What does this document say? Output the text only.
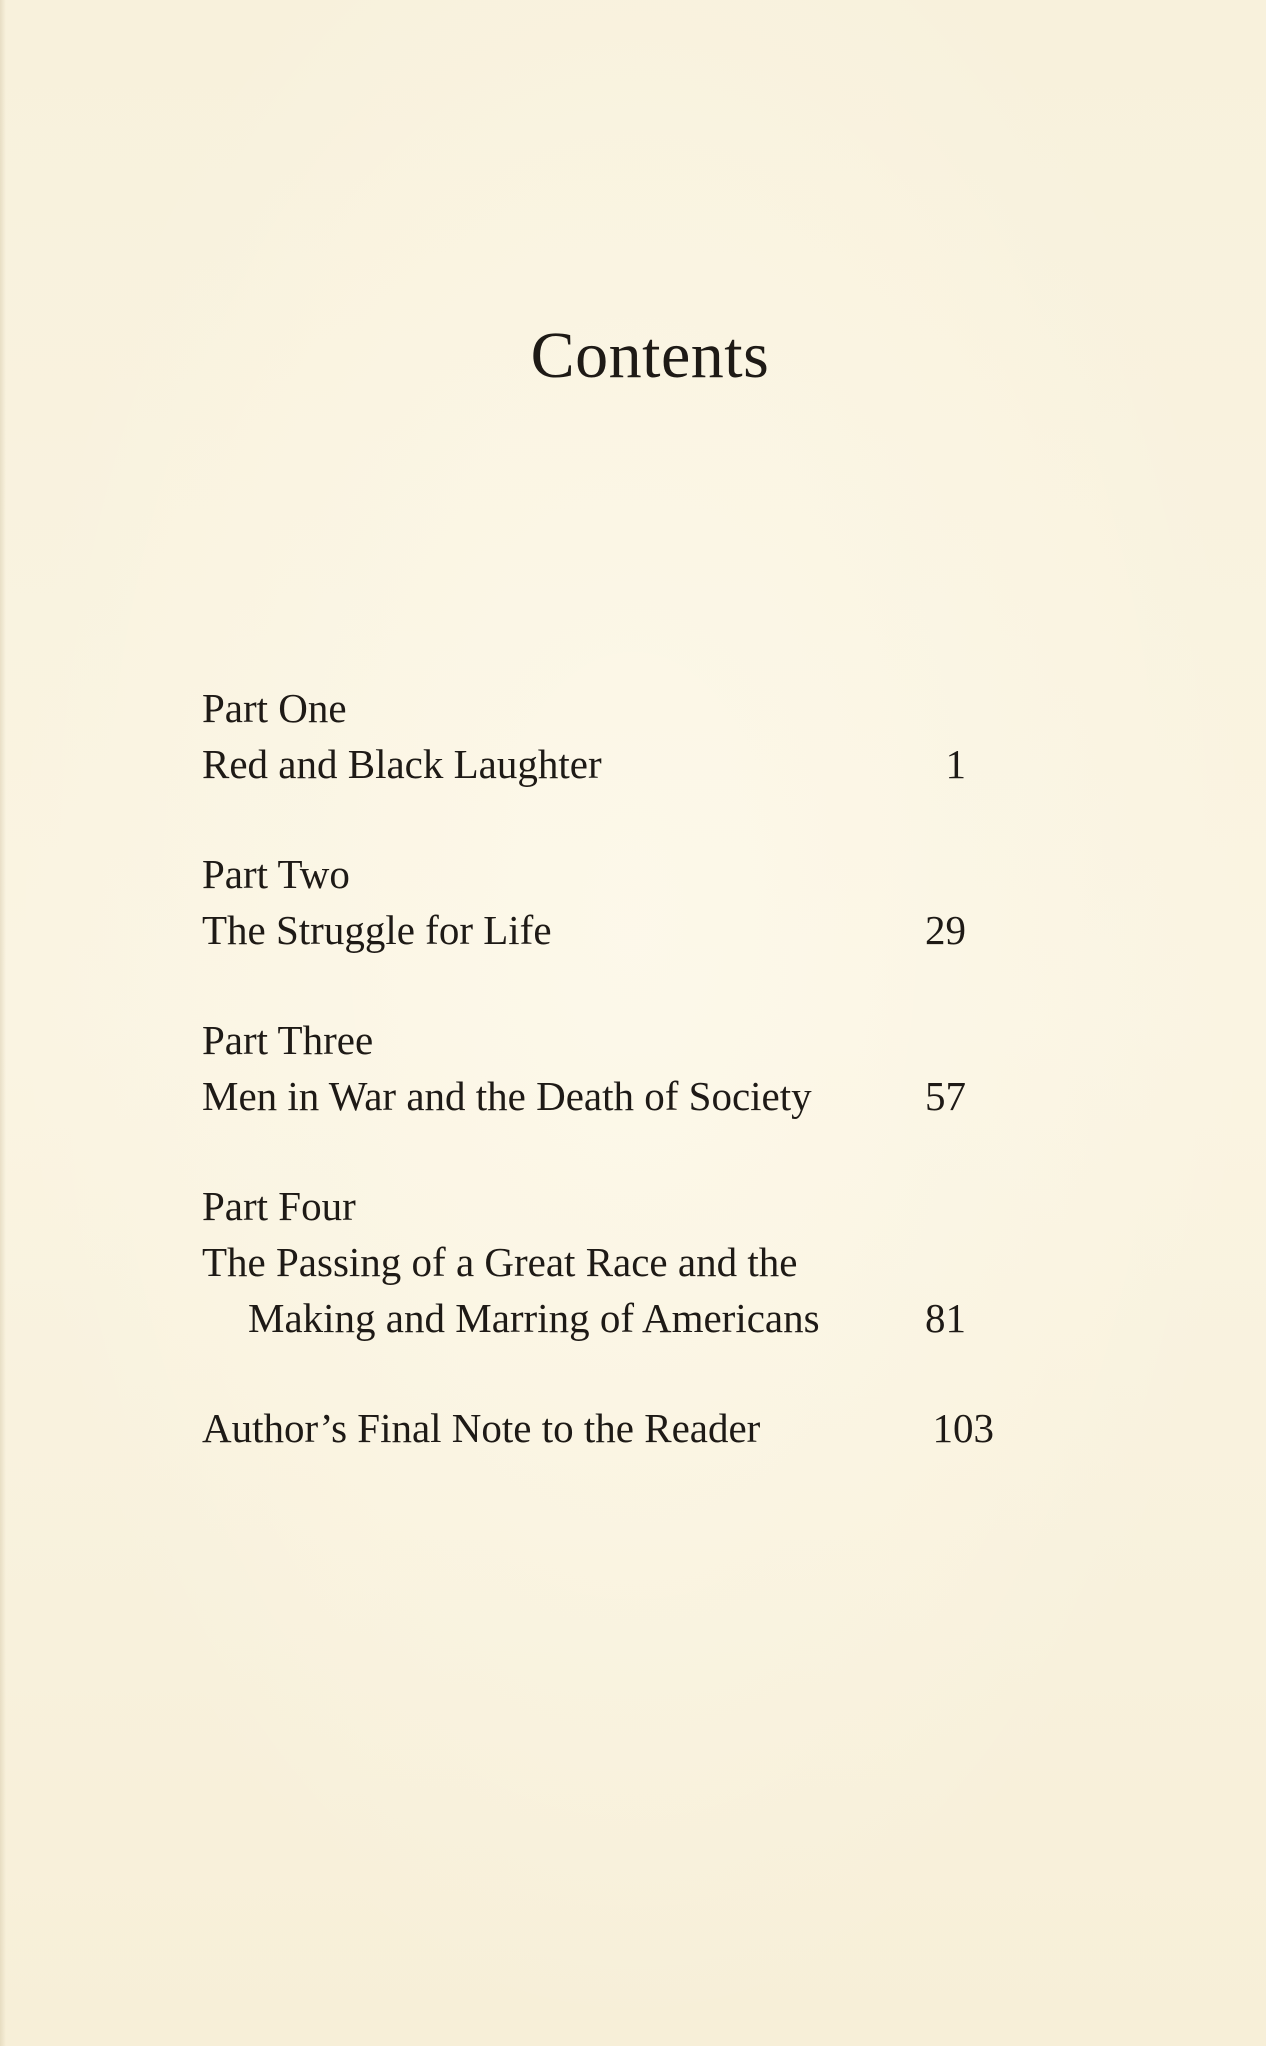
Contents
Part One
Red and Black Laughter	1
Part Two
The Struggle for Life	29
Part Three
Men in War and the Death of Society	57
Part Four
The Passing of a Great Race and the
Making and Marring of Americans	81
Author’s Final Note to the Reader	103
